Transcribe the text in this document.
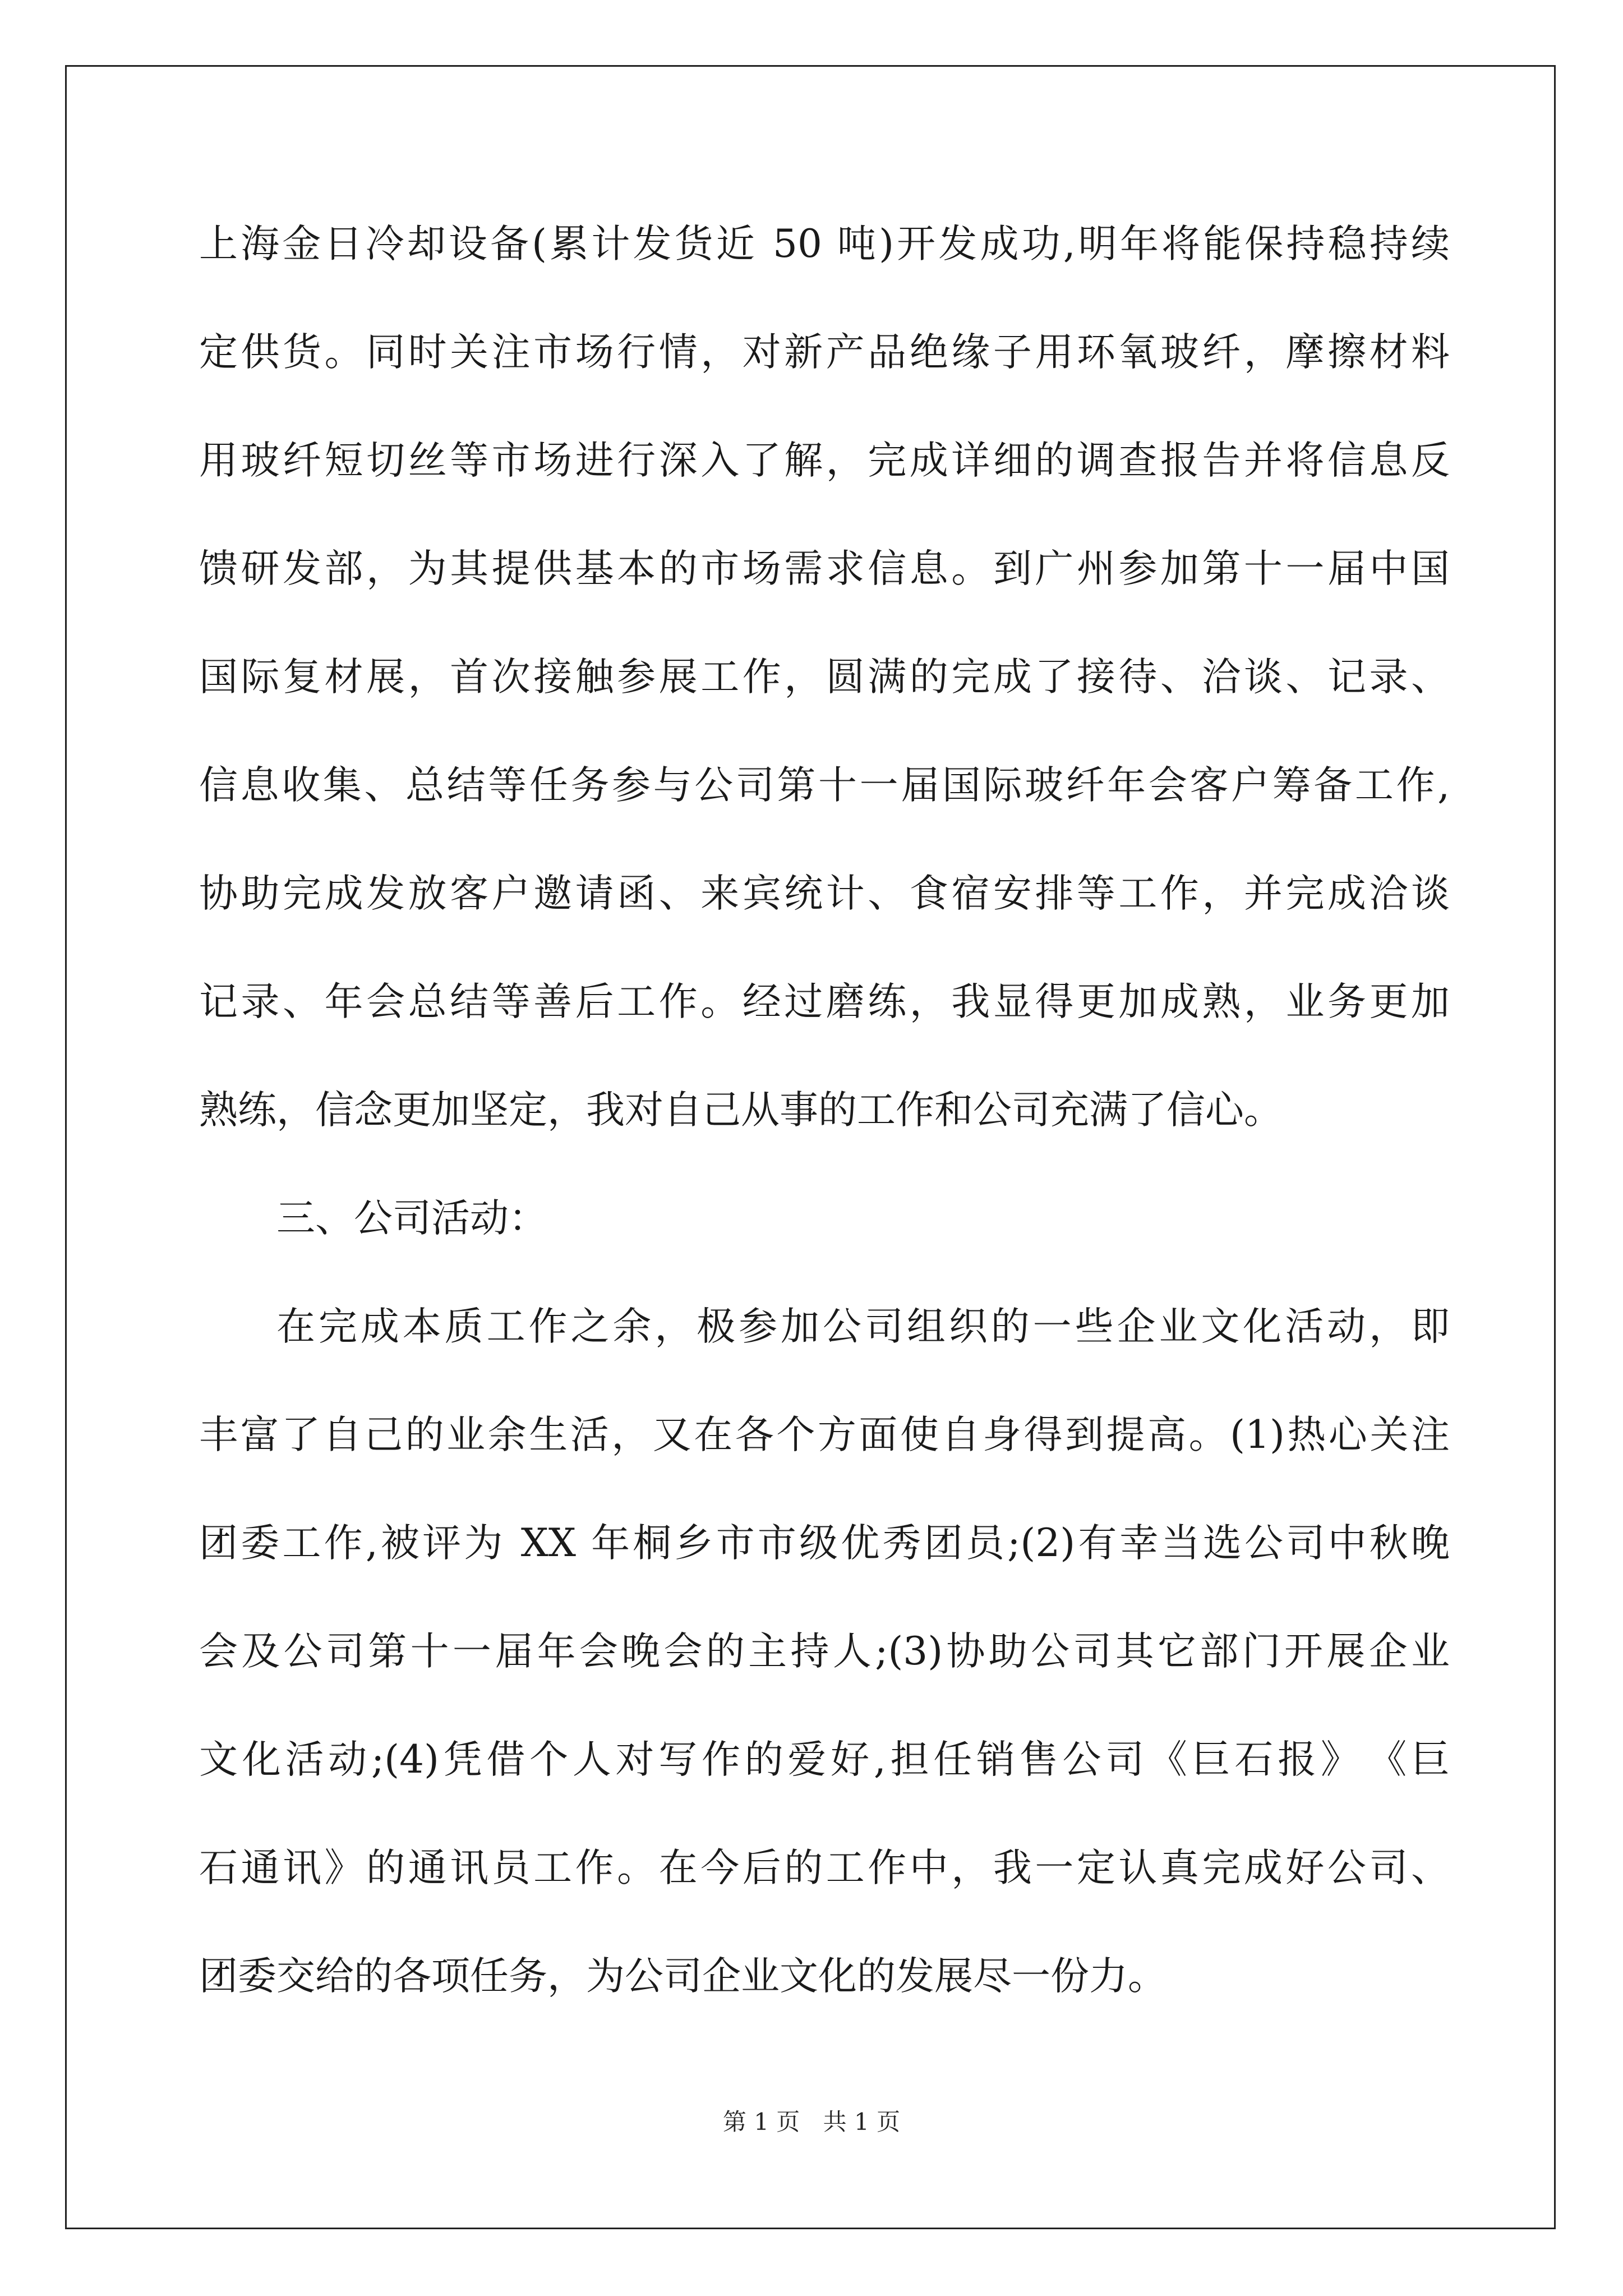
上海金日冷却设备(累计发货近 50 吨)开发成功,明年将能保持稳持续
定供货。同时关注市场行情，对新产品绝缘子用环氧玻纤，摩擦材料
用玻纤短切丝等市场进行深入了解，完成详细的调查报告并将信息反
馈研发部，为其提供基本的市场需求信息。到广州参加第十一届中国
国际复材展，首次接触参展工作，圆满的完成了接待、洽谈、记录、
信息收集、总结等任务参与公司第十一届国际玻纤年会客户筹备工作,
协助完成发放客户邀请函、来宾统计、食宿安排等工作，并完成洽谈
记录、年会总结等善后工作。经过磨练，我显得更加成熟，业务更加
熟练，信念更加坚定，我对自己从事的工作和公司充满了信心。
三、公司活动：
在完成本质工作之余，极参加公司组织的一些企业文化活动，即
丰富了自己的业余生活，又在各个方面使自身得到提高。(1)热心关注
团委工作,被评为 XX 年桐乡市市级优秀团员;(2)有幸当选公司中秋晚
会及公司第十一届年会晚会的主持人;(3)协助公司其它部门开展企业
文化活动;(4)凭借个人对写作的爱好,担任销售公司《巨石报》　《巨
石通讯》的通讯员工作。在今后的工作中，我一定认真完成好公司、
团委交给的各项任务，为公司企业文化的发展尽一份力。
第 1 页 共 1 页
